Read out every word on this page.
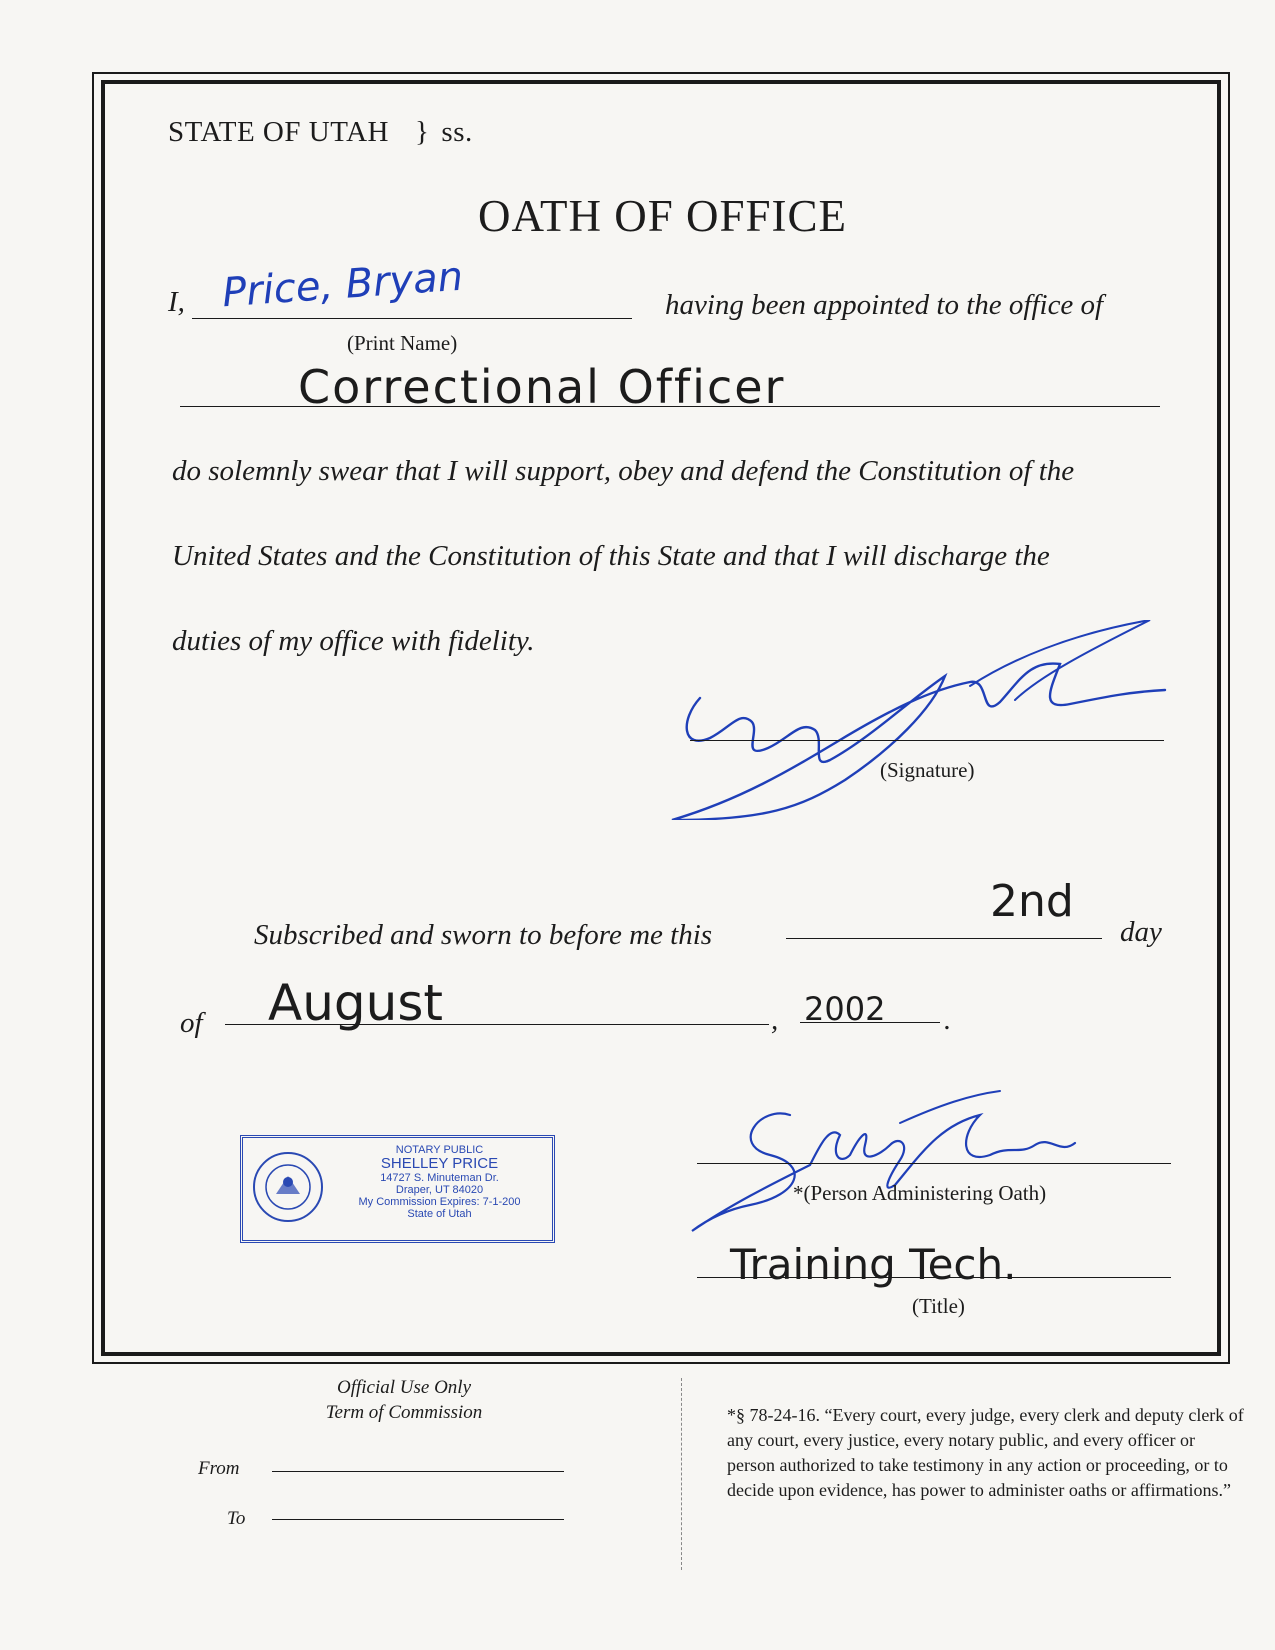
STATE OF UTAH } ss.
OATH OF OFFICE
I, Price, Bryan
(Print Name)
having been appointed to the office of
Correctional Officer
do solemnly swear that I will support, obey and defend the Constitution of the
United States and the Constitution of this State and that I will discharge the
duties of my office with fidelity.
(Signature)
Subscribed and sworn to before me this
2nd
day
of August	, 2002 .
NOTARY PUBLIC
SHELLEY PRICE
14727 S. Minuteman Dr.
Draper, UT 84020
My Commission Expires: 7-1-200
State of Utah
*(Person Administering Oath)
Training Tech.
(Title)
Official Use Only
Term of Commission
From
To
*§ 78-24-16. “Every court, every judge, every clerk and deputy clerk of any court, every justice, every notary public, and every officer or person authorized to take testimony in any action or proceeding, or to decide upon evidence, has power to administer oaths or affirmations.”
